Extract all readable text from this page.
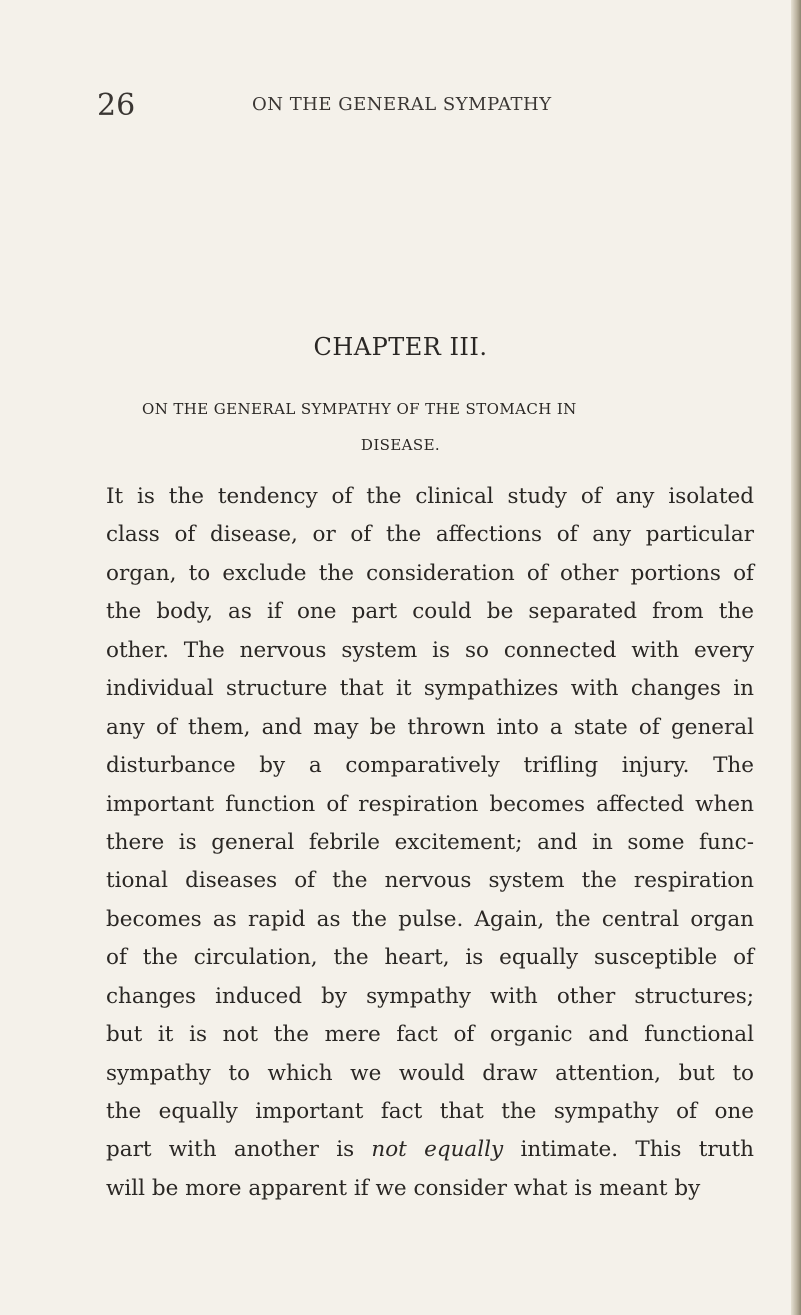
26	ON THE GENERAL SYMPATHY
CHAPTER III.
ON THE GENERAL SYMPATHY OF THE STOMACH IN
DISEASE.
It is the tendency of the clinical study of any isolated
class of disease, or of the affections of any particular
organ, to exclude the consideration of other portions of
the body, as if one part could be separated from the
other. The nervous system is so connected with every
individual structure that it sympathizes with changes in
any of them, and may be thrown into a state of general
disturbance by a comparatively trifling injury. The
important function of respiration becomes affected when
there is general febrile excitement; and in some func-
tional diseases of the nervous system the respiration
becomes as rapid as the pulse. Again, the central organ
of the circulation, the heart, is equally susceptible of
changes induced by sympathy with other structures;
but it is not the mere fact of organic and functional
sympathy to which we would draw attention, but to
the equally important fact that the sympathy of one
part with another is not equally intimate. This truth
will be more apparent if we consider what is meant by
